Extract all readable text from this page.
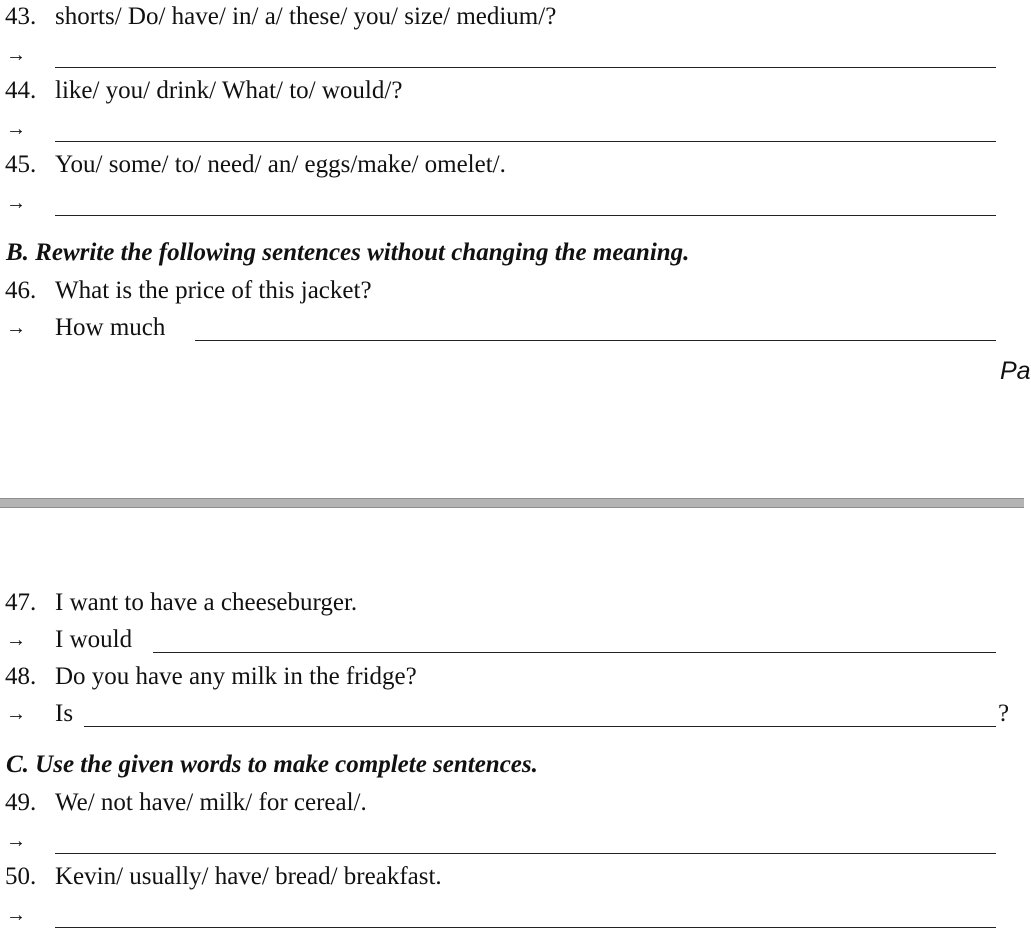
43. shorts/ Do/ have/ in/ a/ these/ you/ size/ medium/?
→
44. like/ you/ drink/ What/ to/ would/?
→
45. You/ some/ to/ need/ an/ eggs/make/ omelet/.
→
B. Rewrite the following sentences without changing the meaning.
46. What is the price of this jacket?
→ How much
Pa
47. I want to have a cheeseburger.
→ I would
48. Do you have any milk in the fridge?
→ Is	?
C. Use the given words to make complete sentences.
49. We/ not have/ milk/ for cereal/.
→
50. Kevin/ usually/ have/ bread/ breakfast.
→
